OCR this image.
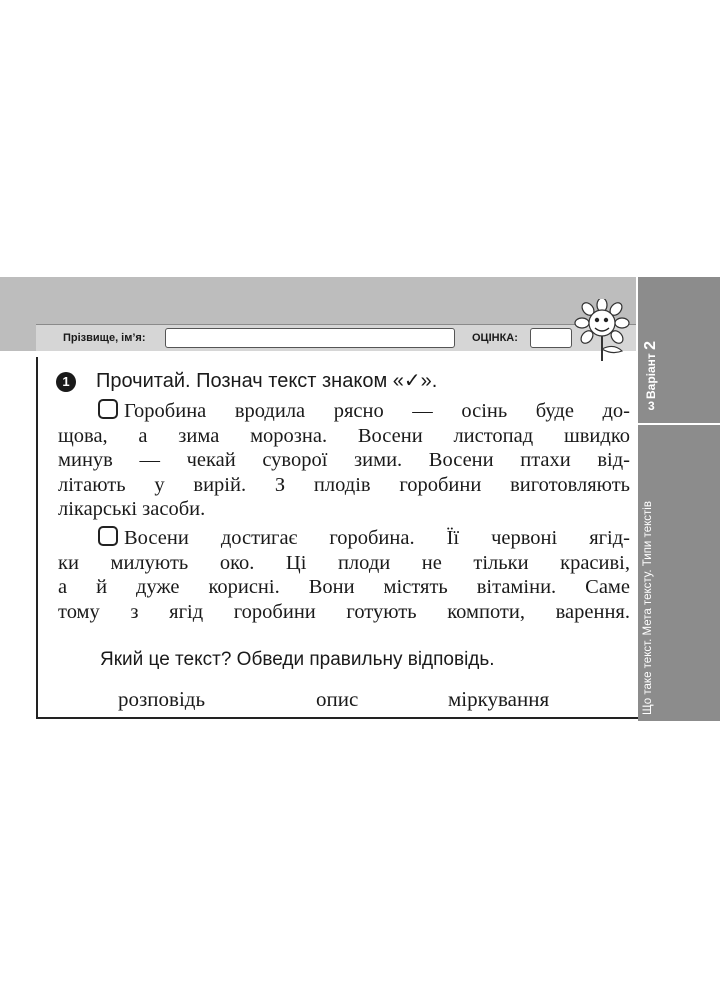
Прізвище, ім’я:	ОЦІНКА:
Варіант 2
3
Що таке текст. Мета тексту. Типи текстів
1	Прочитай. Познач текст знаком «✓».
Горобина вродила рясно — осінь буде до-
щова, а зима морозна. Восени листопад швидко
минув — чекай суворої зими. Восени птахи від-
літають у вирій. З плодів горобини виготовляють
лікарські засоби.
Восени достигає горобина. Її червоні ягід-
ки милують око. Ці плоди не тільки красиві,
а й дуже корисні. Вони містять вітаміни. Саме
тому з ягід горобини готують компоти, варення.
Який це текст? Обведи правильну відповідь.
розповідь	опис	міркування
